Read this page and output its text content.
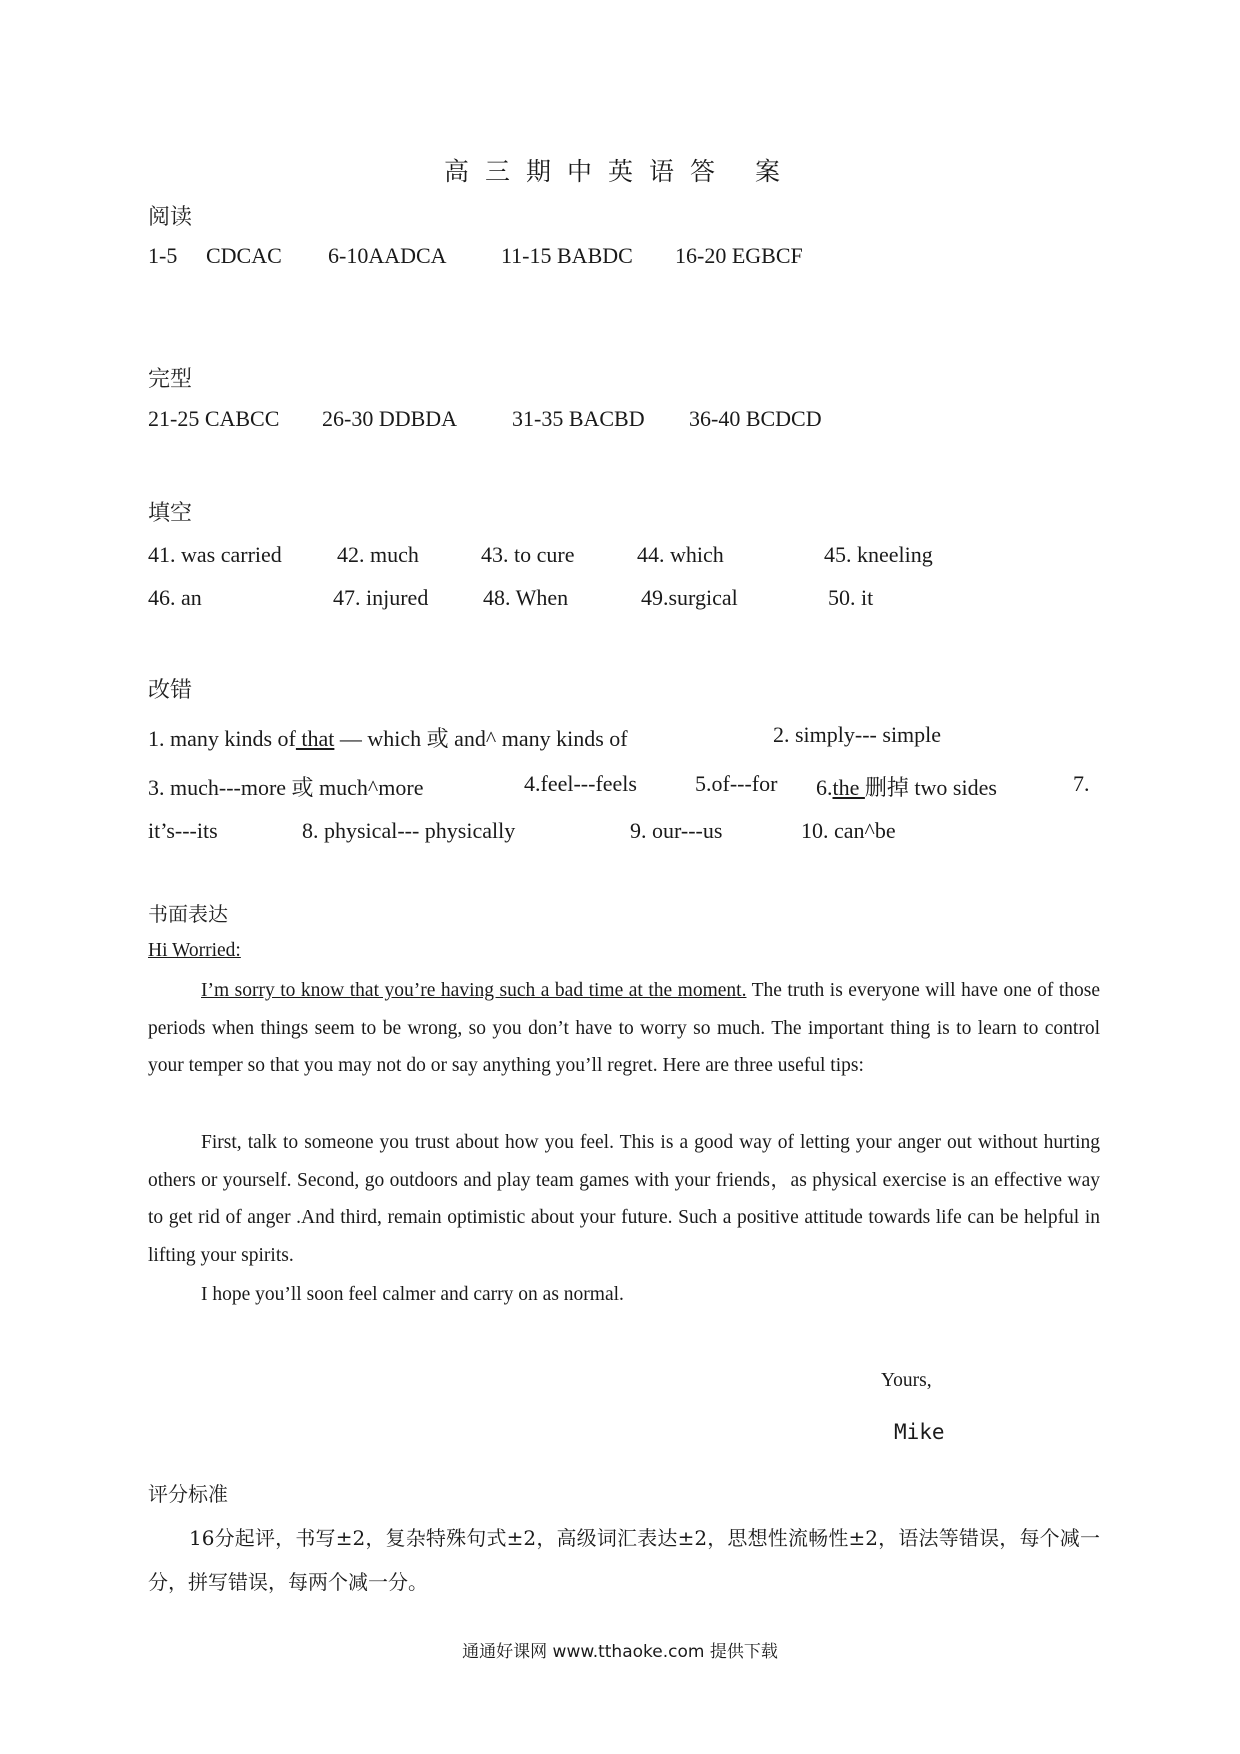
高三期中英语答 案
阅读
1-5 CDCAC 6-10AADCA 11-15 BABDC 16-20 EGBCF
完型
21-25 CABCC 26-30 DDBDA 31-35 BACBD 36-40 BCDCD
填空
41. was carried	42. much	43. to cure	44. which	45. kneeling
46. an	47. injured 48. When	49.surgical	50. it
改错
1. many kinds of that — which 或 and^ many kinds of	2. simply--- simple
3. much---more 或 much^more	4.feel---feels	5.of---for 6.the 删掉 two sides	7.
it’s---its	8. physical--- physically	9. our---us	10. can^be
书面表达
Hi Worried:
I’m sorry to know that you’re having such a bad time at the moment. The truth is everyone will have one of those periods when things seem to be wrong, so you don’t have to worry so much. The important thing is to learn to control your temper so that you may not do or say anything you’ll regret. Here are three useful tips:
First, talk to someone you trust about how you feel. This is a good way of letting your anger out without hurting others or yourself. Second, go outdoors and play team games with your friends，as physical exercise is an effective way to get rid of anger .And third, remain optimistic about your future. Such a positive attitude towards life can be helpful in lifting your spirits.
I hope you’ll soon feel calmer and carry on as normal.
Yours,
Mike
评分标准
16分起评，书写±2，复杂特殊句式±2，高级词汇表达±2，思想性流畅性±2，语法等错误，每个减一分，拼写错误，每两个减一分。
通通好课网 www.tthaoke.com 提供下载
